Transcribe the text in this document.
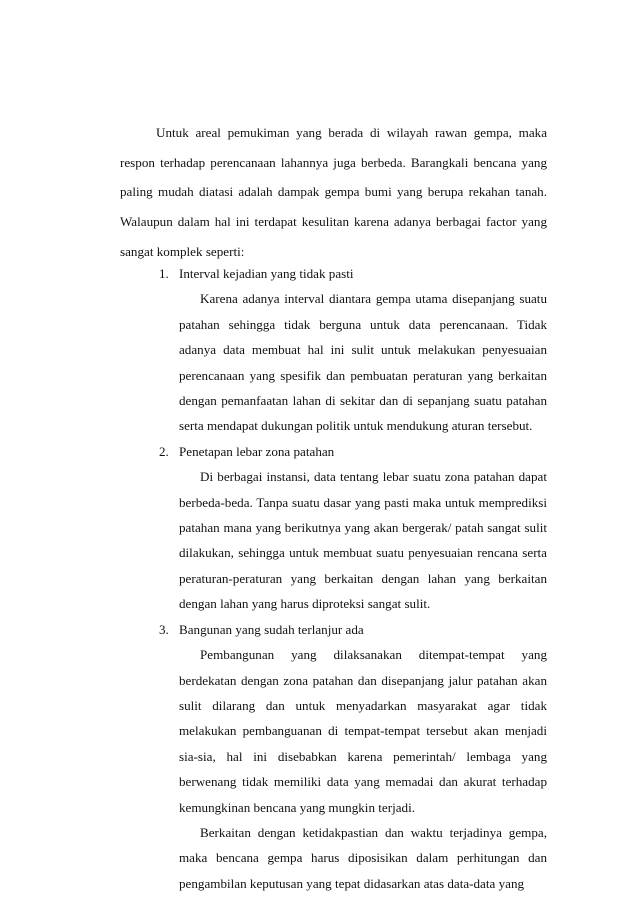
Untuk areal pemukiman yang berada di wilayah rawan gempa, maka respon terhadap perencanaan lahannya juga berbeda. Barangkali bencana yang paling mudah diatasi adalah dampak gempa bumi yang berupa rekahan tanah. Walaupun dalam hal ini terdapat kesulitan karena adanya berbagai factor yang sangat komplek seperti:

1. Interval kejadian yang tidak pasti

Karena adanya interval diantara gempa utama disepanjang suatu patahan sehingga tidak berguna untuk data perencanaan. Tidak adanya data membuat hal ini sulit untuk melakukan penyesuaian perencanaan yang spesifik dan pembuatan peraturan yang berkaitan dengan pemanfaatan lahan di sekitar dan di sepanjang suatu patahan serta mendapat dukungan politik untuk mendukung aturan tersebut.

2. Penetapan lebar zona patahan

Di berbagai instansi, data tentang lebar suatu zona patahan dapat berbeda-beda. Tanpa suatu dasar yang pasti maka untuk memprediksi patahan mana yang berikutnya yang akan bergerak/ patah sangat sulit dilakukan, sehingga untuk membuat suatu penyesuaian rencana serta peraturan-peraturan yang berkaitan dengan lahan yang berkaitan dengan lahan yang harus diproteksi sangat sulit.

3. Bangunan yang sudah terlanjur ada

Pembangunan yang dilaksanakan ditempat-tempat yang berdekatan dengan zona patahan dan disepanjang jalur patahan akan sulit dilarang dan untuk menyadarkan masyarakat agar tidak melakukan pembanguanan di tempat-tempat tersebut akan menjadi sia-sia, hal ini disebabkan karena pemerintah/ lembaga yang berwenang tidak memiliki data yang memadai dan akurat terhadap kemungkinan bencana yang mungkin terjadi.

Berkaitan dengan ketidakpastian dan waktu terjadinya gempa, maka bencana gempa harus diposisikan dalam perhitungan dan pengambilan keputusan yang tepat didasarkan atas data-data yang
